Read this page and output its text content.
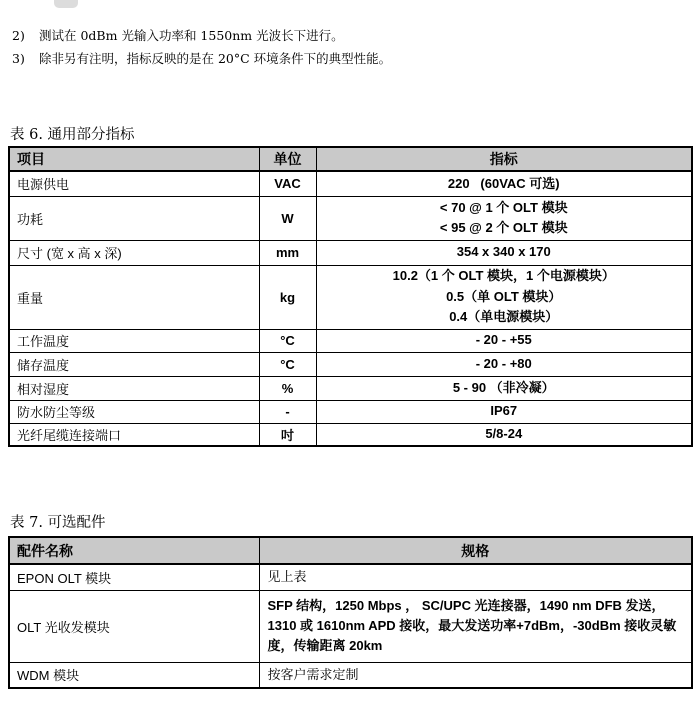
2)	测试在 0dBm 光输入功率和 1550nm 光波长下进行。
3)	除非另有注明，指标反映的是在 20°C 环境条件下的典型性能。
表 6. 通用部分指标
项目	单位	指标
电源供电	VAC	220   (60VAC 可选)

功耗	W	< 70 @ 1 个 OLT 模块
< 95 @ 2 个 OLT 模块

尺寸 (宽 x 高 x 深)	mm	354 x 340 x 170

重量	kg	10.2（1 个 OLT 模块，1 个电源模块）
0.5（单 OLT 模块）
0.4（单电源模块）

工作温度	°C	- 20 - +55

储存温度	°C	- 20 - +80

相对湿度	%	5 - 90 （非冷凝）

防水防尘等级	-	IP67

光纤尾缆连接端口	吋	5/8-24
表 7. 可选配件
配件名称	规格
EPON OLT 模块	见上表
OLT 光收发模块	SFP 结构，1250 Mbps ， SC/UPC 光连接器，1490 nm DFB 发送，1310 或 1610nm APD 接收，最大发送功率+7dBm，-30dBm 接收灵敏度，传输距离 20km
WDM 模块	按客户需求定制
